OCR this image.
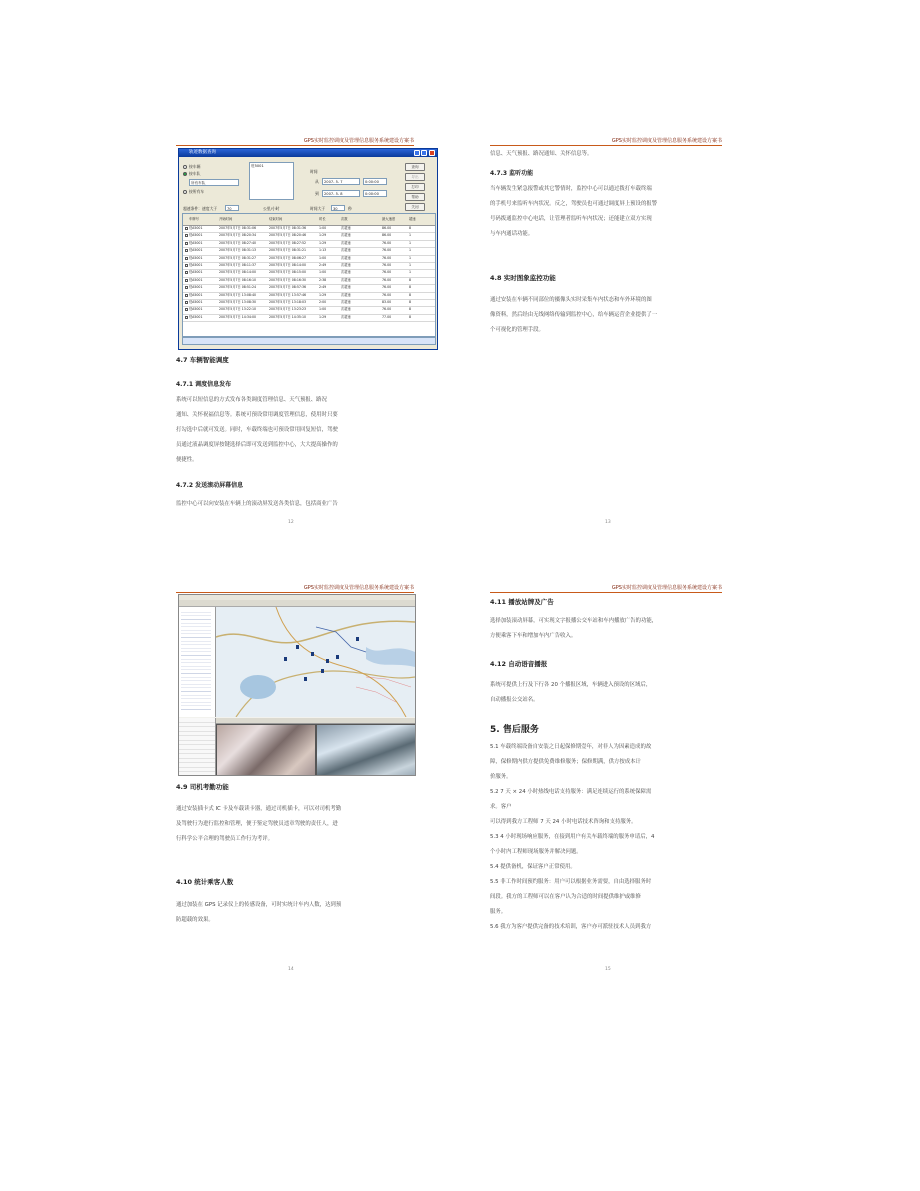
GPS实时监控调度及管理信息服务系统建设方案书
轨迹数据查询
按车辆
按车队
所有车队
按所有车
驻5001
时间
从	2007- 5- 7	0:00:00
到	2007- 5- 8	0:00:00
查询
导出
打印
帮助
关闭
超速条件：速度大于	70	公里/小时	时间大于	30	秒
车牌号	开始时间	结束时间	时长	次数	最大速度	超速
驻A5001	2007年5月7日 08:31:06	2007年5月7日 08:31:36	1:00	次超速	86.00	8
驻A5001	2007年5月7日 08:20:34	2007年5月7日 08:20:46	1:29	次超速	86.00	1
驻A5001	2007年5月7日 08:27:40	2007年5月7日 08:27:52	1:29	次超速	76.00	1
驻A5001	2007年5月7日 08:31:13	2007年5月7日 08:31:21	1:13	次超速	76.00	1
驻A5001	2007年5月7日 08:31:27	2007年5月7日 08:06:27	1:00	次超速	76.00	1
驻A5001	2007年5月7日 08:11:37	2007年5月7日 08:14:00	2:49	次超速	76.00	1
驻A5001	2007年5月7日 08:14:00	2007年5月7日 08:15:00	1:00	次超速	76.00	1
驻A5001	2007年5月7日 08:16:10	2007年5月7日 08:16:30	2:38	次超速	76.00	8
驻A5001	2007年5月7日 08:51:24	2007年5月7日 08:57:36	2:49	次超速	76.00	8
驻A5001	2007年5月7日 13:08:40	2007年5月7日 13:57:46	1:29	次超速	76.00	8
驻A5001	2007年5月7日 13:08:30	2007年5月7日 13:18:03	2:00	次超速	83.00	8
驻A5001	2007年5月7日 13:22:10	2007年5月7日 13:23:23	1:00	次超速	76.00	8
驻A5001	2007年5月7日 14:34:00	2007年5月7日 14:35:10	1:29	次超速	77.00	8
4.7 车辆智能调度
4.7.1 调度信息发布
系统可以短信息的方式发布各类调度管理信息、天气预报、路况
通知、关怀祝福信息等。系统可预设常用调度管理信息，使用时只要
打勾选中后就可发送。同时，车载终端也可预设常用回复短信，驾驶
员通过液晶调度屏按键选择后即可发送到监控中心，大大提高操作的
便捷性。
4.7.2 发送滚动屏幕信息
监控中心可以向安装在车辆上的滚动屏发送各类信息，包括商业广告
12
GPS实时监控调度及管理信息服务系统建设方案书
信息、天气预报、路况通知、关怀信息等。
4.7.3 监听功能
当车辆发生紧急报警或其它警情时，监控中心可以通过拨打车载终端
的手机号来监听车内状况。反之，驾驶员也可通过调度屏上预设的报警
号码拨通监控中心电话，让管理者监听车内状况；还能建立双方实现
与车内通话功能。
4.8 实时图象监控功能
通过安装在车辆不同部位的摄像头实时采集车内状态和车外环境的图
像资料，然后经由无线网络传输到监控中心，给车辆运营企业提供了一
个可视化的管理手段。
13
GPS实时监控调度及管理信息服务系统建设方案书
4.9 司机考勤功能
通过安装插卡式 IC 卡及车载读卡器，通过司机插卡，可以对司机考勤
及驾驶行为进行监控和管理，便于鉴定驾驶员违章驾驶的责任人，进
行科学公平合理的驾驶员工作行为考评。
4.10 统计乘客人数
通过加装在 GPS 记录仪上的传感设备，可时实统计车内人数，达到预
防超载的效果。
14
GPS实时监控调度及管理信息服务系统建设方案书
4.11 播放站牌及广告
选择加装滚动屏幕，可实现文字报播公交车站和车内播放广告的功能，
方便乘客下车和增加车内广告收入。
4.12 自动语音播报
系统可提供上行及下行各 20 个播报区域，车辆进入预设的区域后，
自动播报公交站名。
5. 售后服务
5.1 车载终端设备自安装之日起保修期壹年，对非人为因素造成的故
障，保修期内供方提供免费维修服务；保修期满，供方按成本计
价服务。
5.2 7 天 × 24 小时热线电话支持服务：满足连续运行的系统保障需
求。客户
可以得到我方工程师 7 天 24 小时电话技术咨询和支持服务。
5.3 4 小时现场响应服务，在接到用户有关车载终端的服务申请后，4
个小时内工程师现场服务并解决问题。
5.4 提供备机，保证客户正常使用。
5.5 非工作时间预约服务：用户可以根据业务需要，自由选择服务时
间段。我方的工程师可以在客户认为合适的时间提供维护或维修
服务。
5.6 我方为客户提供完备的技术培训，客户亦可派驻技术人员到我方
15
